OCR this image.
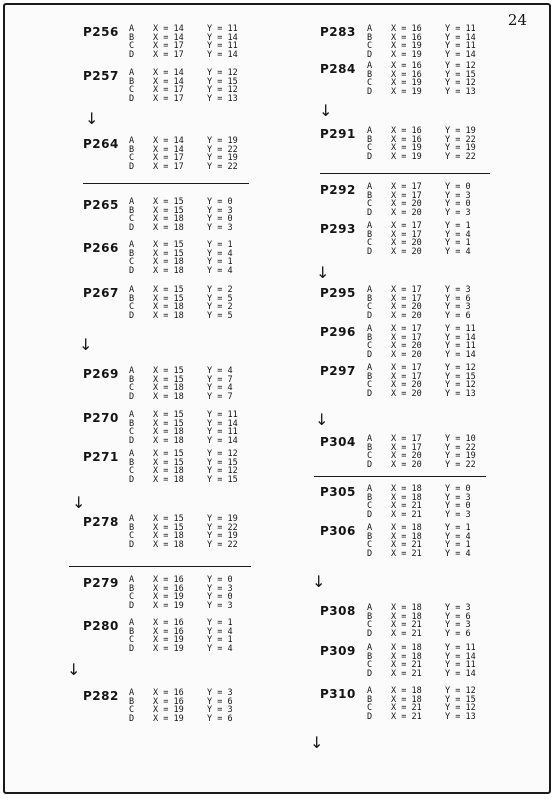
24
P256 A	X = 14	Y = 11
B	X = 14	Y = 14
C	X = 17	Y = 11
D	X = 17	Y = 14
P257 A	X = 14	Y = 12
B	X = 14	Y = 15
C	X = 17	Y = 12
D	X = 17	Y = 13
P264 A	X = 14	Y = 19
B	X = 14	Y = 22
C	X = 17	Y = 19
D	X = 17	Y = 22
P265 A	X = 15	Y = 0
B	X = 15	Y = 3
C	X = 18	Y = 0
D	X = 18	Y = 3
P266 A	X = 15	Y = 1
B	X = 15	Y = 4
C	X = 18	Y = 1
D	X = 18	Y = 4
P267 A	X = 15	Y = 2
B	X = 15	Y = 5
C	X = 18	Y = 2
D	X = 18	Y = 5
P269 A	X = 15	Y = 4
B	X = 15	Y = 7
C	X = 18	Y = 4
D	X = 18	Y = 7
P270 A	X = 15	Y = 11
B	X = 15	Y = 14
C	X = 18	Y = 11
D	X = 18	Y = 14
P271 A	X = 15	Y = 12
B	X = 15	Y = 15
C	X = 18	Y = 12
D	X = 18	Y = 15
P278 A	X = 15	Y = 19
B	X = 15	Y = 22
C	X = 18	Y = 19
D	X = 18	Y = 22
P279 A	X = 16	Y = 0
B	X = 16	Y = 3
C	X = 19	Y = 0
D	X = 19	Y = 3
P280 A	X = 16	Y = 1
B	X = 16	Y = 4
C	X = 19	Y = 1
D	X = 19	Y = 4
P282 A	X = 16	Y = 3
B	X = 16	Y = 6
C	X = 19	Y = 3
D	X = 19	Y = 6
↓
↓
↓
↓
P283 A	X = 16	Y = 11
B	X = 16	Y = 14
C	X = 19	Y = 11
D	X = 19	Y = 14
P284 A	X = 16	Y = 12
B	X = 16	Y = 15
C	X = 19	Y = 12
D	X = 19	Y = 13
P291 A	X = 16	Y = 19
B	X = 16	Y = 22
C	X = 19	Y = 19
D	X = 19	Y = 22
P292 A	X = 17	Y = 0
B	X = 17	Y = 3
C	X = 20	Y = 0
D	X = 20	Y = 3
P293 A	X = 17	Y = 1
B	X = 17	Y = 4
C	X = 20	Y = 1
D	X = 20	Y = 4
P295 A	X = 17	Y = 3
B	X = 17	Y = 6
C	X = 20	Y = 3
D	X = 20	Y = 6
P296 A	X = 17	Y = 11
B	X = 17	Y = 14
C	X = 20	Y = 11
D	X = 20	Y = 14
P297 A	X = 17	Y = 12
B	X = 17	Y = 15
C	X = 20	Y = 12
D	X = 20	Y = 13
P304 A	X = 17	Y = 10
B	X = 17	Y = 22
C	X = 20	Y = 19
D	X = 20	Y = 22
P305 A	X = 18	Y = 0
B	X = 18	Y = 3
C	X = 21	Y = 0
D	X = 21	Y = 3
P306 A	X = 18	Y = 1
B	X = 18	Y = 4
C	X = 21	Y = 1
D	X = 21	Y = 4
P308 A	X = 18	Y = 3
B	X = 18	Y = 6
C	X = 21	Y = 3
D	X = 21	Y = 6
P309 A	X = 18	Y = 11
B	X = 18	Y = 14
C	X = 21	Y = 11
D	X = 21	Y = 14
P310 A	X = 18	Y = 12
B	X = 18	Y = 15
C	X = 21	Y = 12
D	X = 21	Y = 13
↓
↓
↓
↓
↓
